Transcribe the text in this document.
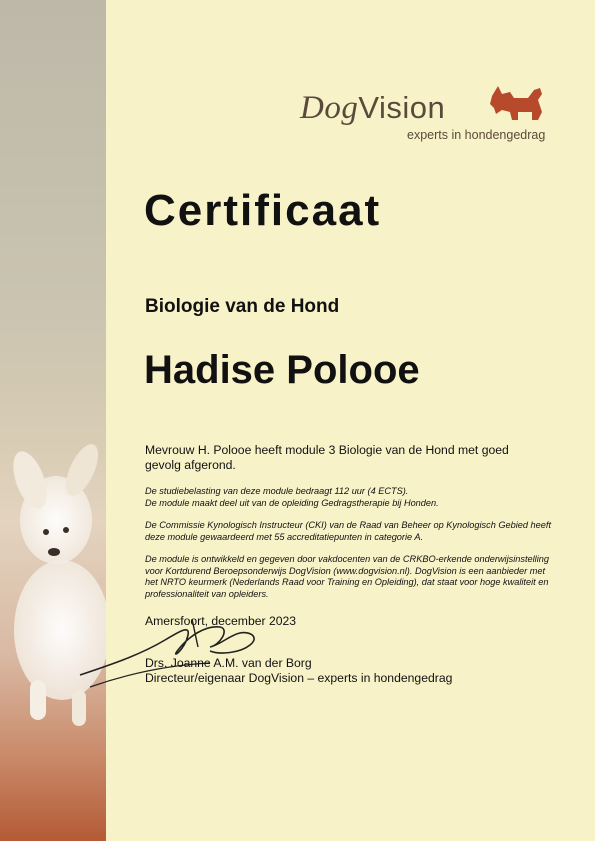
DogVision
experts in hondengedrag
Certificaat
Biologie van de Hond
Hadise Polooe
Mevrouw H. Polooe heeft module 3 Biologie van de Hond met goed gevolg afgerond.
De studiebelasting van deze module bedraagt 112 uur (4 ECTS).
De module maakt deel uit van de opleiding Gedragstherapie bij Honden.
De Commissie Kynologisch Instructeur (CKI) van de Raad van Beheer op Kynologisch Gebied heeft deze module gewaardeerd met 55 accreditatiepunten in categorie A.
De module is ontwikkeld en gegeven door vakdocenten van de CRKBO-erkende onderwijsinstelling voor Kortdurend Beroepsonderwijs DogVision (www.dogvision.nl). DogVision is een aanbieder met het NRTO keurmerk (Nederlands Raad voor Training en Opleiding), dat staat voor hoge kwaliteit en professionaliteit van opleiders.
Amersfoort, december 2023
Drs. Joanne A.M. van der Borg
Directeur/eigenaar DogVision – experts in hondengedrag
